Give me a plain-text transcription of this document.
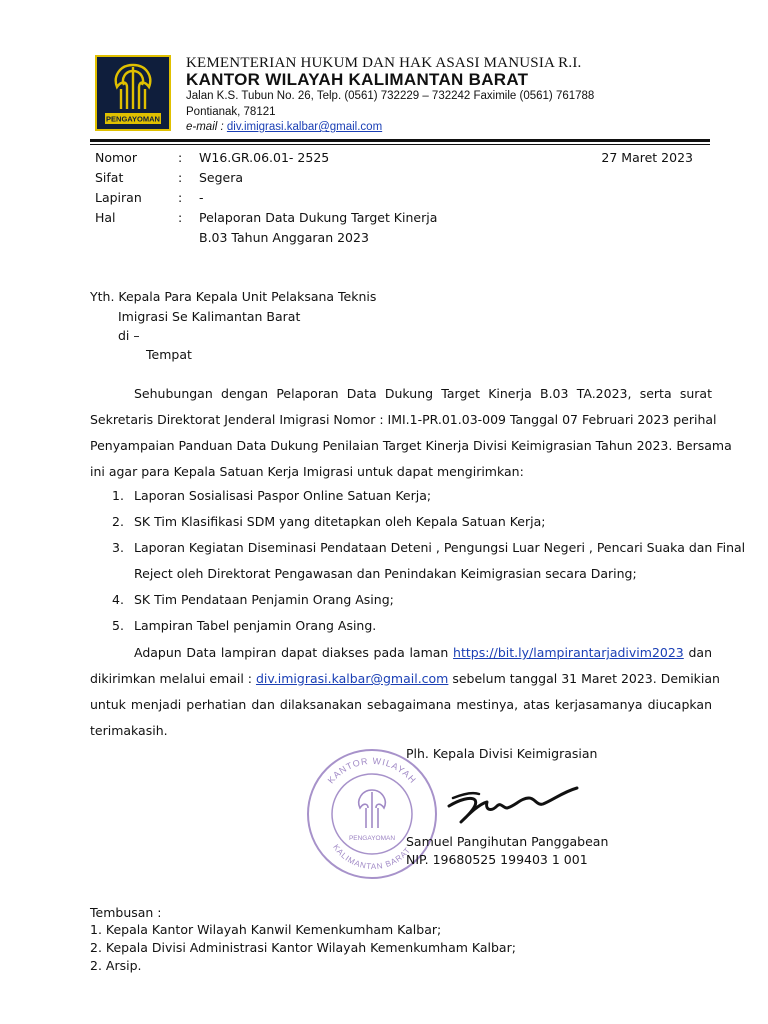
PENGAYOMAN
KEMENTERIAN HUKUM DAN HAK ASASI MANUSIA R.I.
KANTOR WILAYAH KALIMANTAN BARAT
Jalan K.S. Tubun No. 26, Telp. (0561) 732229 – 732242 Faximile (0561) 761788
Pontianak, 78121
e-mail : div.imigrasi.kalbar@gmail.com
27 Maret 2023
Nomor	: W16.GR.06.01- 2525
Sifat	: Segera
Lapiran	: -
Hal	: Pelaporan Data Dukung Target Kinerja
B.03 Tahun Anggaran 2023
Yth. Kepala Para Kepala Unit Pelaksana Teknis
Imigrasi Se Kalimantan Barat
di –
Tempat
Sehubungan dengan Pelaporan Data Dukung Target Kinerja B.03 TA.2023, serta surat
Sekretaris Direktorat Jenderal Imigrasi Nomor : IMI.1-PR.01.03-009 Tanggal 07 Februari 2023 perihal
Penyampaian Panduan Data Dukung Penilaian Target Kinerja Divisi Keimigrasian Tahun 2023. Bersama
ini agar para Kepala Satuan Kerja Imigrasi untuk dapat mengirimkan:
1. Laporan Sosialisasi Paspor Online Satuan Kerja;
2. SK Tim Klasifikasi SDM yang ditetapkan oleh Kepala Satuan Kerja;
3. Laporan Kegiatan Diseminasi Pendataan Deteni , Pengungsi Luar Negeri , Pencari Suaka dan Final
Reject oleh Direktorat Pengawasan dan Penindakan Keimigrasian secara Daring;
4. SK Tim Pendataan Penjamin Orang Asing;
5. Lampiran Tabel penjamin Orang Asing.
Adapun Data lampiran dapat diakses pada laman https://bit.ly/lampirantarjadivim2023 dan
dikirimkan melalui email : div.imigrasi.kalbar@gmail.com sebelum tanggal 31 Maret 2023. Demikian
untuk menjadi perhatian dan dilaksanakan sebagaimana mestinya, atas kerjasamanya diucapkan
terimakasih.
KANTOR WILAYAH
KALIMANTAN BARAT
PENGAYOMAN
Plh. Kepala Divisi Keimigrasian
Samuel Pangihutan Panggabean
NIP. 19680525 199403 1 001
Tembusan :
1. Kepala Kantor Wilayah Kanwil Kemenkumham Kalbar;
2. Kepala Divisi Administrasi Kantor Wilayah Kemenkumham Kalbar;
2. Arsip.
